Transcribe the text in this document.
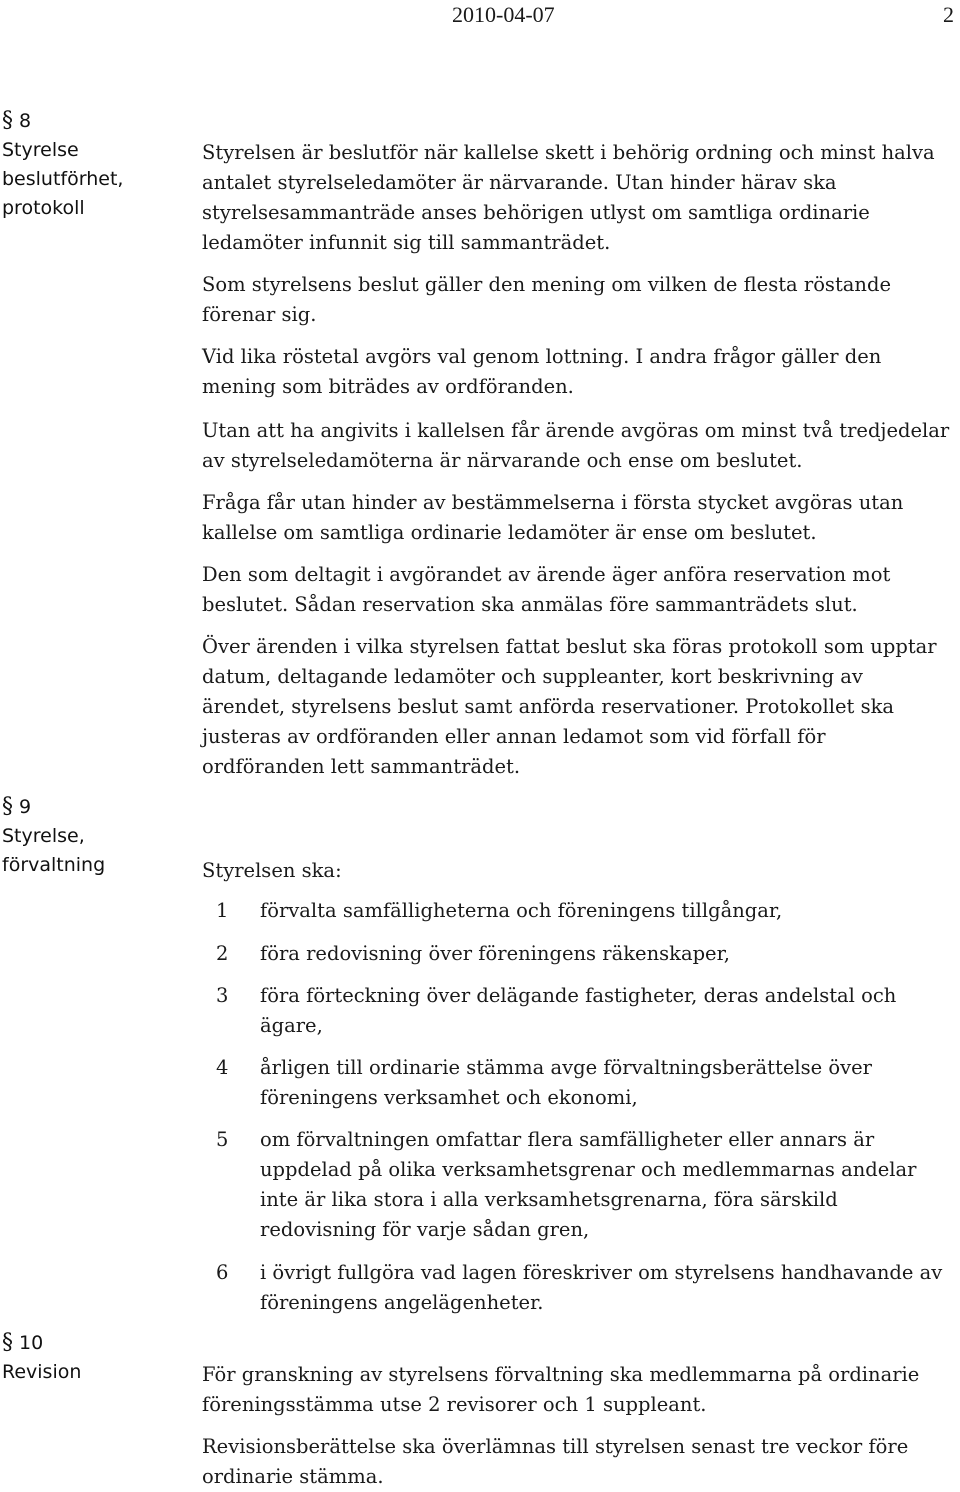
2010-04-07	2
§ 8
Styrelse
beslutförhet,
protokoll
§ 9
Styrelse,
förvaltning
§ 10
Revision

Styrelsen är beslutför när kallelse skett i behörig ordning och minst halva antalet styrelseledamöter är närvarande. Utan hinder härav ska styrelsesammanträde anses behörigen utlyst om samtliga ordinarie ledamöter infunnit sig till sammanträdet.

Som styrelsens beslut gäller den mening om vilken de flesta röstande förenar sig.

Vid lika röstetal avgörs val genom lottning. I andra frågor gäller den mening som biträdes av ordföranden.

Utan att ha angivits i kallelsen får ärende avgöras om minst två tredjedelar av styrelseledamöterna är närvarande och ense om beslutet.

Fråga får utan hinder av bestämmelserna i första stycket avgöras utan kallelse om samtliga ordinarie ledamöter är ense om beslutet.

Den som deltagit i avgörandet av ärende äger anföra reservation mot beslutet. Sådan reservation ska anmälas före sammanträdets slut.

Över ärenden i vilka styrelsen fattat beslut ska föras protokoll som upptar datum, deltagande ledamöter och suppleanter, kort beskrivning av ärendet, styrelsens beslut samt anförda reservationer. Protokollet ska justeras av ordföranden eller annan ledamot som vid förfall för ordföranden lett sammanträdet.

Styrelsen ska:

1	förvalta samfälligheterna och föreningens tillgångar,
2	föra redovisning över föreningens räkenskaper,
3	föra förteckning över delägande fastigheter, deras andelstal och ägare,
4	årligen till ordinarie stämma avge förvaltningsberättelse över föreningens verksamhet och ekonomi,
5	om förvaltningen omfattar flera samfälligheter eller annars är uppdelad på olika verksamhetsgrenar och medlemmarnas andelar inte är lika stora i alla verksamhetsgrenarna, föra särskild redovisning för varje sådan gren,
6	i övrigt fullgöra vad lagen föreskriver om styrelsens handhavande av föreningens angelägenheter.

För granskning av styrelsens förvaltning ska medlemmarna på ordinarie föreningsstämma utse 2 revisorer och 1 suppleant.

Revisionsberättelse ska överlämnas till styrelsen senast tre veckor före ordinarie stämma.
